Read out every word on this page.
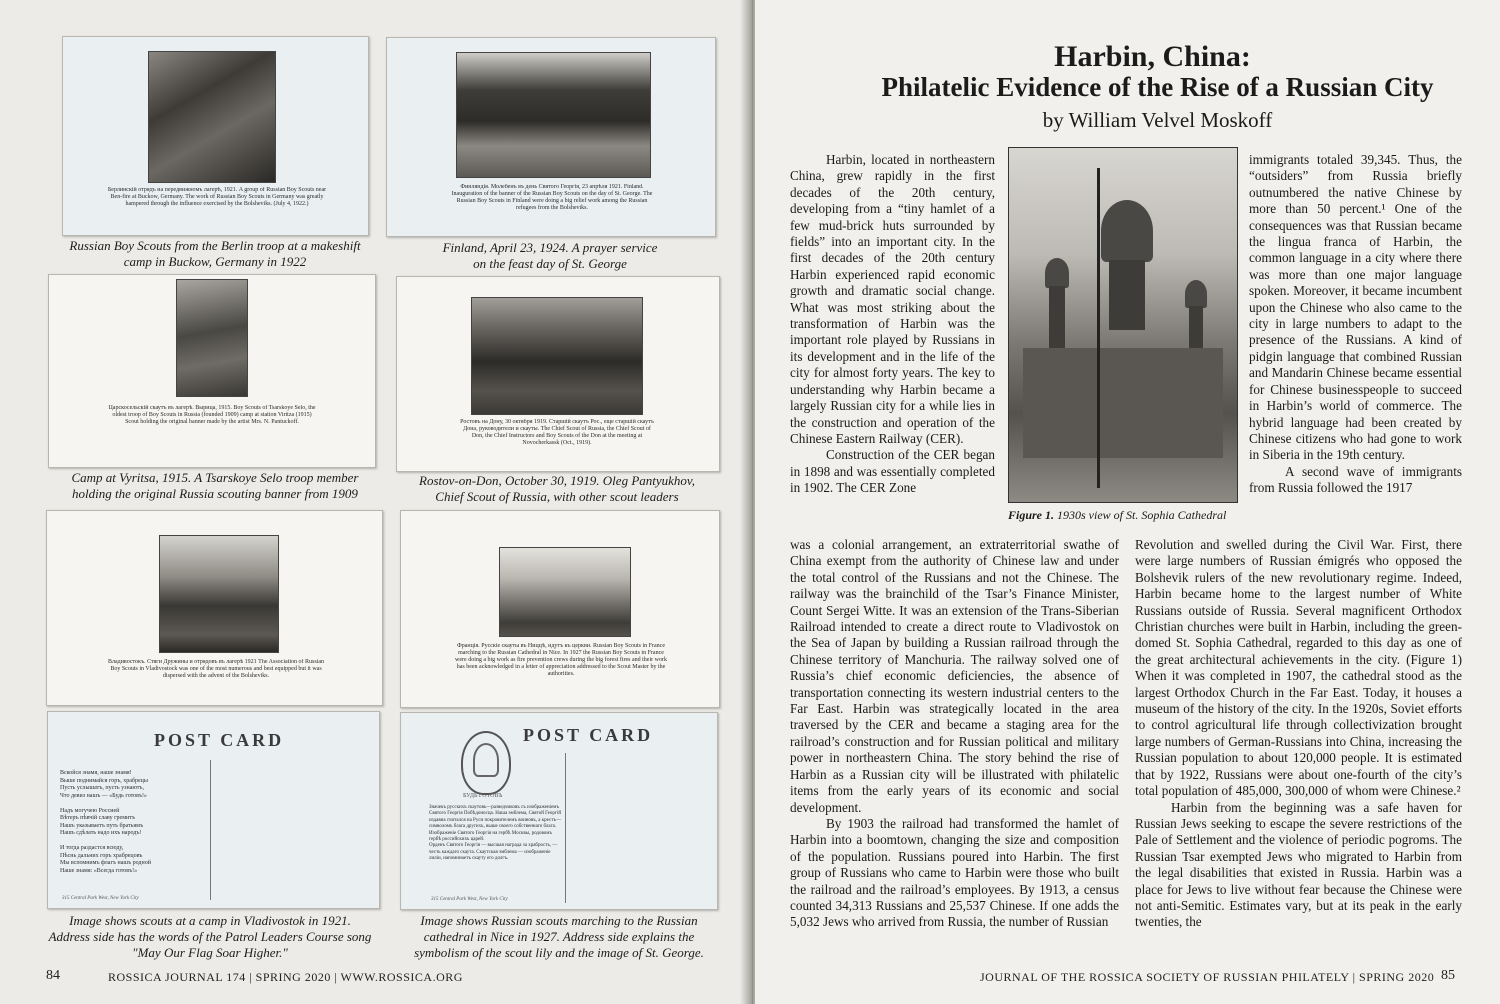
Берлинскій отрядъ на передвижномъ лагерѣ, 1921. A group of Russian Boy Scouts near Ben-fire at Buckow, Germany. The work of Russian Boy Scouts in Germany was greatly hampered through the influence exercised by the Bolsheviks. (July 4, 1922.)
Russian Boy Scouts from the Berlin troop at a makeshift
camp in Buckow, Germany in 1922
Финляндія. Молебенъ въ день Святого Георгія, 23 апрѣля 1921. Finland. Inauguration of the banner of the Russian Boy Scouts on the day of St. George. The Russian Boy Scouts in Finland were doing a big relief work among the Russian refugees from the Bolsheviks.
Finland, April 23, 1924. A prayer service
on the feast day of St. George
Царскосельскій скаутъ въ лагерѣ. Вырица, 1915. Boy Scouts of Tsarskoye Selo, the oldest troop of Boy Scouts in Russia (founded 1909) camp at station Viritza (1915) Scout holding the original banner made by the artist Mrs. N. Pantuckoff.
Camp at Vyritsa, 1915. A Tsarskoye Selo troop member
holding the original Russia scouting banner from 1909
Ростовъ на Дону, 30 октября 1919. Старшій скаутъ Рос., еще старшій скаутъ Дона, руководители и скауты. The Chief Scout of Russia, the Chief Scout of Don, the Chief Instructors and Boy Scouts of the Don at the meeting at Novocherkassk (Oct., 1919).
Rostov-on-Don, October 30, 1919. Oleg Pantyukhov,
Chief Scout of Russia, with other scout leaders
Владивостокъ. Стяги Дружины и отрядовъ въ лагерѣ 1921 The Association of Russian Boy Scouts in Vladivostock was one of the most numerous and best equipped but it was dispersed with the advent of the Bolsheviks.
Франція. Русскіе скауты въ Ниццѣ, идутъ къ церкви. Russian Boy Scouts in France marching to the Russian Cathedral in Nice. In 1927 the Russian Boy Scouts in France were doing a big work as fire prevention crews during the big forest fires and their work has been acknowledged in a letter of appreciation addressed to the Scout Master by the authorities.
POST CARD
Вскойся знамя, наше знамя!
Выше поднимайся горъ, храбрецы
Пусть услышатъ, пусть узнаютъ,
Что девиз нашъ — «Будь готовъ!»

Надъ могучею Россией
Вѣтеръ пѣвчій славу гремитъ
Нашъ указываетъ путь братьямъ
Нашъ сдѣлать надо ихъ народъ!

И тогда раздастся всюду,
Пѣснь дальних горъ храбрецовъ
Мы вспомнимъ флагъ нашъ родной
Наше знамя: «Всегда готовъ!»
315 Central Park West, New York City
Image shows scouts at a camp in Vladivostok in 1921.
Address side has the words of the Patrol Leaders Course song
"May Our Flag Soar Higher."
БУДЬ ГОТОВЪ
POST CARD
Значекъ русскихъ скаутовъ—разведчиковъ съ изображеніемъ Святого Георгія Побѣдоносца. Наша эмблема, Святой Георгій издавна считался на Руси покровителемъ воиновъ, а крестъ—символомъ блага другихъ, выше своего собственнаго блага. Изображеніе Святого Георгія на гербѣ Москвы, родовомъ гербѣ российскихъ царей.
Орденъ Святого Георгія — высшая награда за храбрость, — честь каждаго скаута. Скаутская эмблема — изображеніе лиліи, напоминаетъ скауту его долгъ.
315 Central Park West, New York City
Image shows Russian scouts marching to the Russian
cathedral in Nice in 1927. Address side explains the
symbolism of the scout lily and the image of St. George.
84	ROSSICA JOURNAL 174 | SPRING 2020 | WWW.ROSSICA.ORG
Harbin, China:
Philatelic Evidence of the Rise of a Russian City
by William Velvel Moskoff

Harbin, located in northeastern China, grew rapidly in the first decades of the 20th century, developing from a “tiny hamlet of a few mud-brick huts surrounded by fields” into an important city. In the first decades of the 20th century Harbin experienced rapid economic growth and dramatic social change. What was most striking about the transformation of Harbin was the important role played by Russians in its development and in the life of the city for almost forty years. The key to understanding why Harbin became a largely Russian city for a while lies in the construction and operation of the Chinese Eastern Railway (CER).

Construction of the CER began in 1898 and was essentially completed in 1902. The CER Zone

Figure 1. 1930s view of St. Sophia Cathedral

immigrants totaled 39,345. Thus, the “outsiders” from Russia briefly outnumbered the native Chinese by more than 50 percent.¹ One of the consequences was that Russian became the lingua franca of Harbin, the common language in a city where there was more than one major language spoken. Moreover, it became incumbent upon the Chinese who also came to the city in large numbers to adapt to the presence of the Russians. A kind of pidgin language that combined Russian and Mandarin Chinese became essential for Chinese businesspeople to succeed in Harbin’s world of commerce. The hybrid language had been created by Chinese citizens who had gone to work in Siberia in the 19th century.

A second wave of immigrants from Russia followed the 1917

was a colonial arrangement, an extraterritorial swathe of China exempt from the authority of Chinese law and under the total control of the Russians and not the Chinese. The railway was the brainchild of the Tsar’s Finance Minister, Count Sergei Witte. It was an extension of the Trans-Siberian Railroad intended to create a direct route to Vladivostok on the Sea of Japan by building a Russian railroad through the Chinese territory of Manchuria. The railway solved one of Russia’s chief economic deficiencies, the absence of transportation connecting its western industrial centers to the Far East. Harbin was strategically located in the area traversed by the CER and became a staging area for the railroad’s construction and for Russian political and military power in northeastern China. The story behind the rise of Harbin as a Russian city will be illustrated with philatelic items from the early years of its economic and social development.

By 1903 the railroad had transformed the hamlet of Harbin into a boomtown, changing the size and composition of the population. Russians poured into Harbin. The first group of Russians who came to Harbin were those who built the railroad and the railroad’s employees. By 1913, a census counted 34,313 Russians and 25,537 Chinese. If one adds the 5,032 Jews who arrived from Russia, the number of Russian

Revolution and swelled during the Civil War. First, there were large numbers of Russian émigrés who opposed the Bolshevik rulers of the new revolutionary regime. Indeed, Harbin became home to the largest number of White Russians outside of Russia. Several magnificent Orthodox Christian churches were built in Harbin, including the green-domed St. Sophia Cathedral, regarded to this day as one of the great architectural achievements in the city. (Figure 1) When it was completed in 1907, the cathedral stood as the largest Orthodox Church in the Far East. Today, it houses a museum of the history of the city. In the 1920s, Soviet efforts to control agricultural life through collectivization brought large numbers of German-Russians into China, increasing the Russian population to about 120,000 people. It is estimated that by 1922, Russians were about one-fourth of the city’s total population of 485,000, 300,000 of whom were Chinese.²

Harbin from the beginning was a safe haven for Russian Jews seeking to escape the severe restrictions of the Pale of Settlement and the violence of periodic pogroms. The Russian Tsar exempted Jews who migrated to Harbin from the legal disabilities that existed in Russia. Harbin was a place for Jews to live without fear because the Chinese were not anti-Semitic. Estimates vary, but at its peak in the early twenties, the

JOURNAL OF THE ROSSICA SOCIETY OF RUSSIAN PHILATELY | SPRING 2020 85
